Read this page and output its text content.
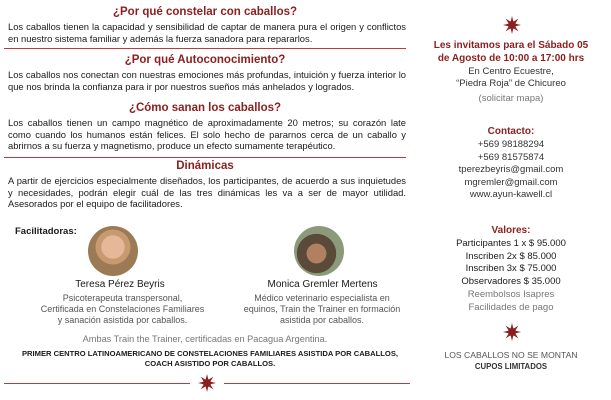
¿Por qué constelar con caballos?
Los caballos tienen la capacidad y sensibilidad de captar de manera pura el origen y conflictos en nuestro sistema familiar y además la fuerza sanadora para repararlos.
¿Por qué Autoconocimiento?
Los caballos nos conectan con nuestras emociones más profundas, intuición y fuerza interior lo que nos brinda la confianza para ir por nuestros sueños más anhelados y logrados.
¿Cómo sanan los caballos?
Los caballos tienen un campo magnético de aproximadamente 20 metros; su corazón late como cuando los humanos están felices. El solo hecho de pararnos cerca de un caballo y abrirnos a su fuerza y magnetismo, produce un efecto sumamente terapéutico.
Dinámicas
A partir de ejercicios especialmente diseñados, los participantes, de acuerdo a sus inquietudes y necesidades, podrán elegir cuál de las tres dinámicas les va a ser de mayor utilidad. Asesorados por el equipo de facilitadores.
Facilitadoras:
Teresa Pérez Beyris
Psicoterapeuta transpersonal,
Certificada en Constelaciones Familiares
y sanación asistida por caballos.
Monica Gremler Mertens
Médico veterinario especialista en
equinos, Train the Trainer en formación
asistida por caballos.
Ambas Train the Trainer, certificadas en Pacagua Argentina.
PRIMER CENTRO LATINOAMERICANO DE CONSTELACIONES FAMILIARES ASISTIDA POR CABALLOS,
COACH ASISTIDO POR CABALLOS.
Les invitamos para el Sábado 05
de Agosto de 10:00 a 17:00 hrs
En Centro Ecuestre,
“Piedra Roja” de Chicureo
(solicitar mapa)
Contacto:
+569 98188294
+569 81575874
tperezbeyris@gmail.com
mgremler@gmail.com
www.ayun-kawell.cl
Valores:
Participantes 1 x $ 95.000
Inscriben 2x $ 85.000
Inscriben 3x $ 75.000
Observadores $ 35.000
Reembolsos Isapres
Facilidades de pago
LOS CABALLOS NO SE MONTAN
CUPOS LIMITADOS
